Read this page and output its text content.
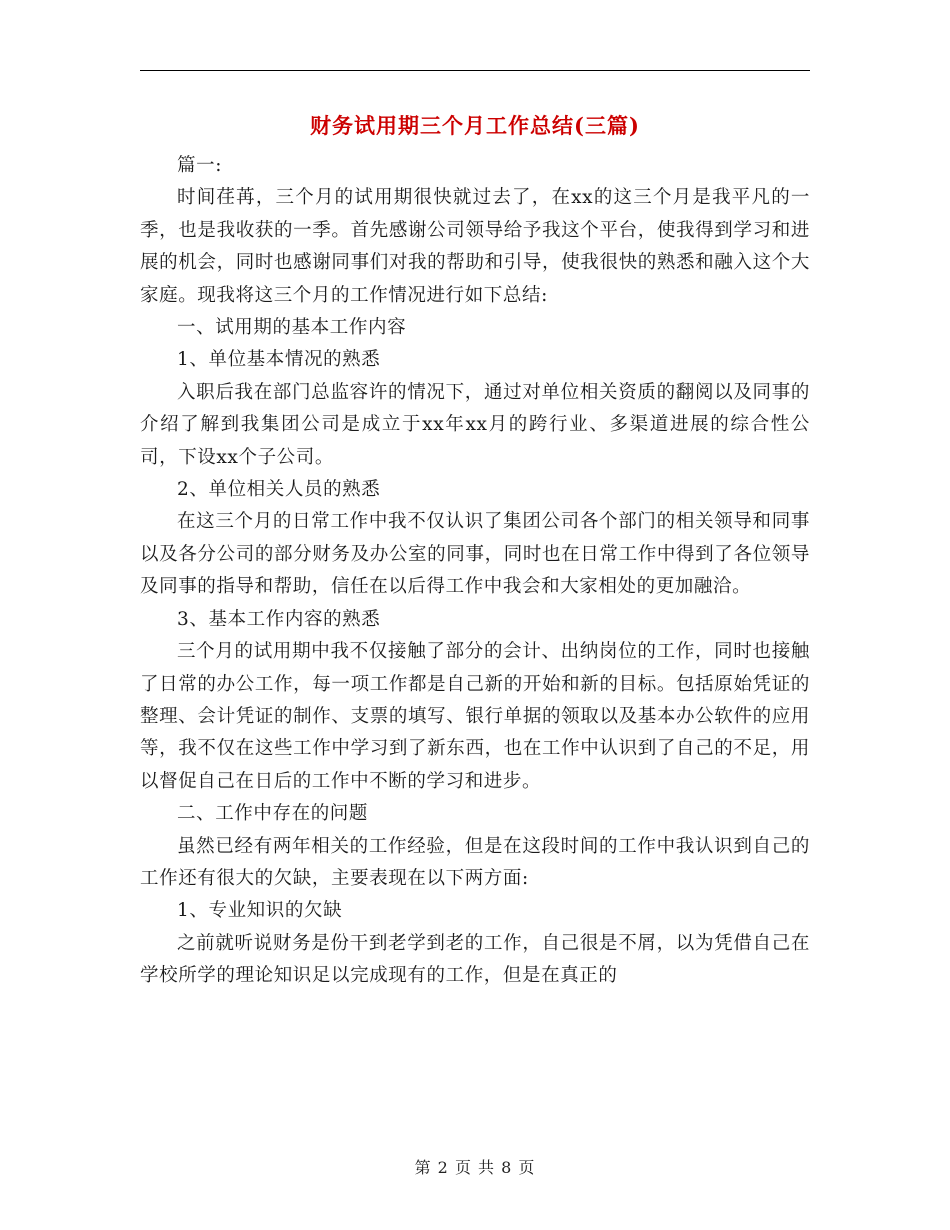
财务试用期三个月工作总结(三篇)

篇一:

时间荏苒，三个月的试用期很快就过去了，在xx的这三个月是我平凡的一季，也是我收获的一季。首先感谢公司领导给予我这个平台，使我得到学习和进展的机会，同时也感谢同事们对我的帮助和引导，使我很快的熟悉和融入这个大家庭。现我将这三个月的工作情况进行如下总结:

一、试用期的基本工作内容

1、单位基本情况的熟悉

入职后我在部门总监容许的情况下，通过对单位相关资质的翻阅以及同事的介绍了解到我集团公司是成立于xx年xx月的跨行业、多渠道进展的综合性公司，下设xx个子公司。

2、单位相关人员的熟悉

在这三个月的日常工作中我不仅认识了集团公司各个部门的相关领导和同事以及各分公司的部分财务及办公室的同事，同时也在日常工作中得到了各位领导及同事的指导和帮助，信任在以后得工作中我会和大家相处的更加融洽。

3、基本工作内容的熟悉

三个月的试用期中我不仅接触了部分的会计、出纳岗位的工作，同时也接触了日常的办公工作，每一项工作都是自己新的开始和新的目标。包括原始凭证的整理、会计凭证的制作、支票的填写、银行单据的领取以及基本办公软件的应用等，我不仅在这些工作中学习到了新东西，也在工作中认识到了自己的不足，用以督促自己在日后的工作中不断的学习和进步。

二、工作中存在的问题

虽然已经有两年相关的工作经验，但是在这段时间的工作中我认识到自己的工作还有很大的欠缺，主要表现在以下两方面:

1、专业知识的欠缺

之前就听说财务是份干到老学到老的工作，自己很是不屑，以为凭借自己在学校所学的理论知识足以完成现有的工作，但是在真正的

第 2 页 共 8 页
